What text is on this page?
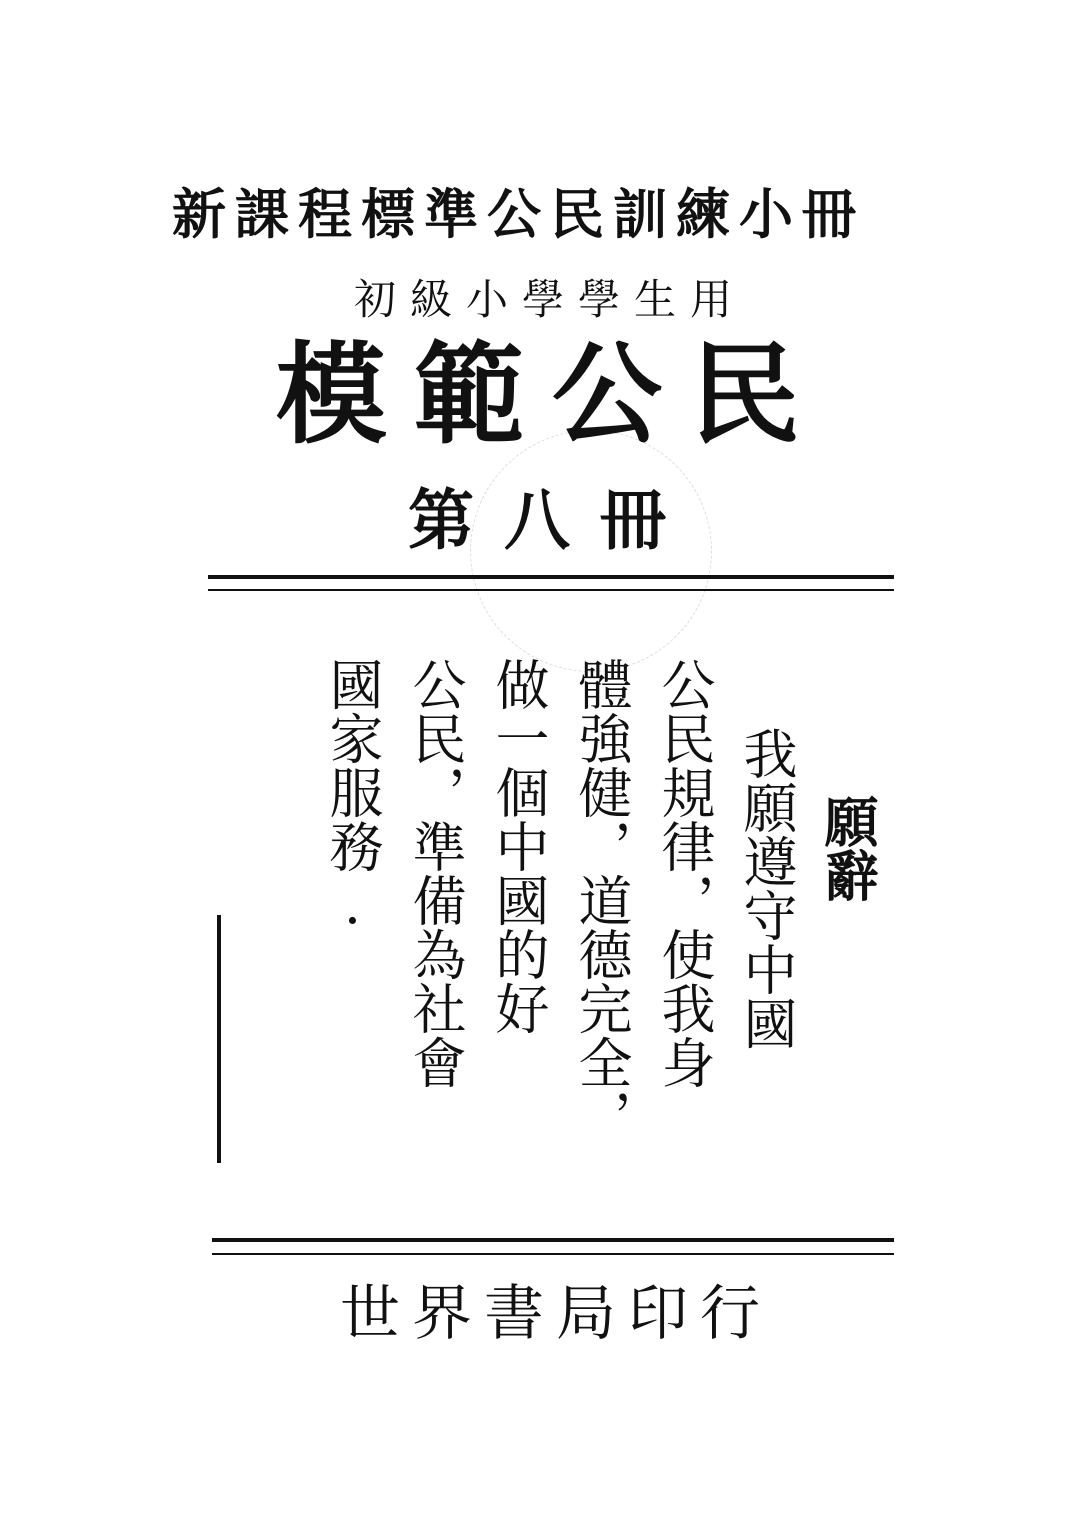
新課程標準公民訓練小冊
初級小學學生用
模範公民
第八冊
願辭
我願遵守中國
公民規律，使我身
體強健，道德完全，
做一個中國的好
公民，準備為社會
國家服務.
世界書局印行
